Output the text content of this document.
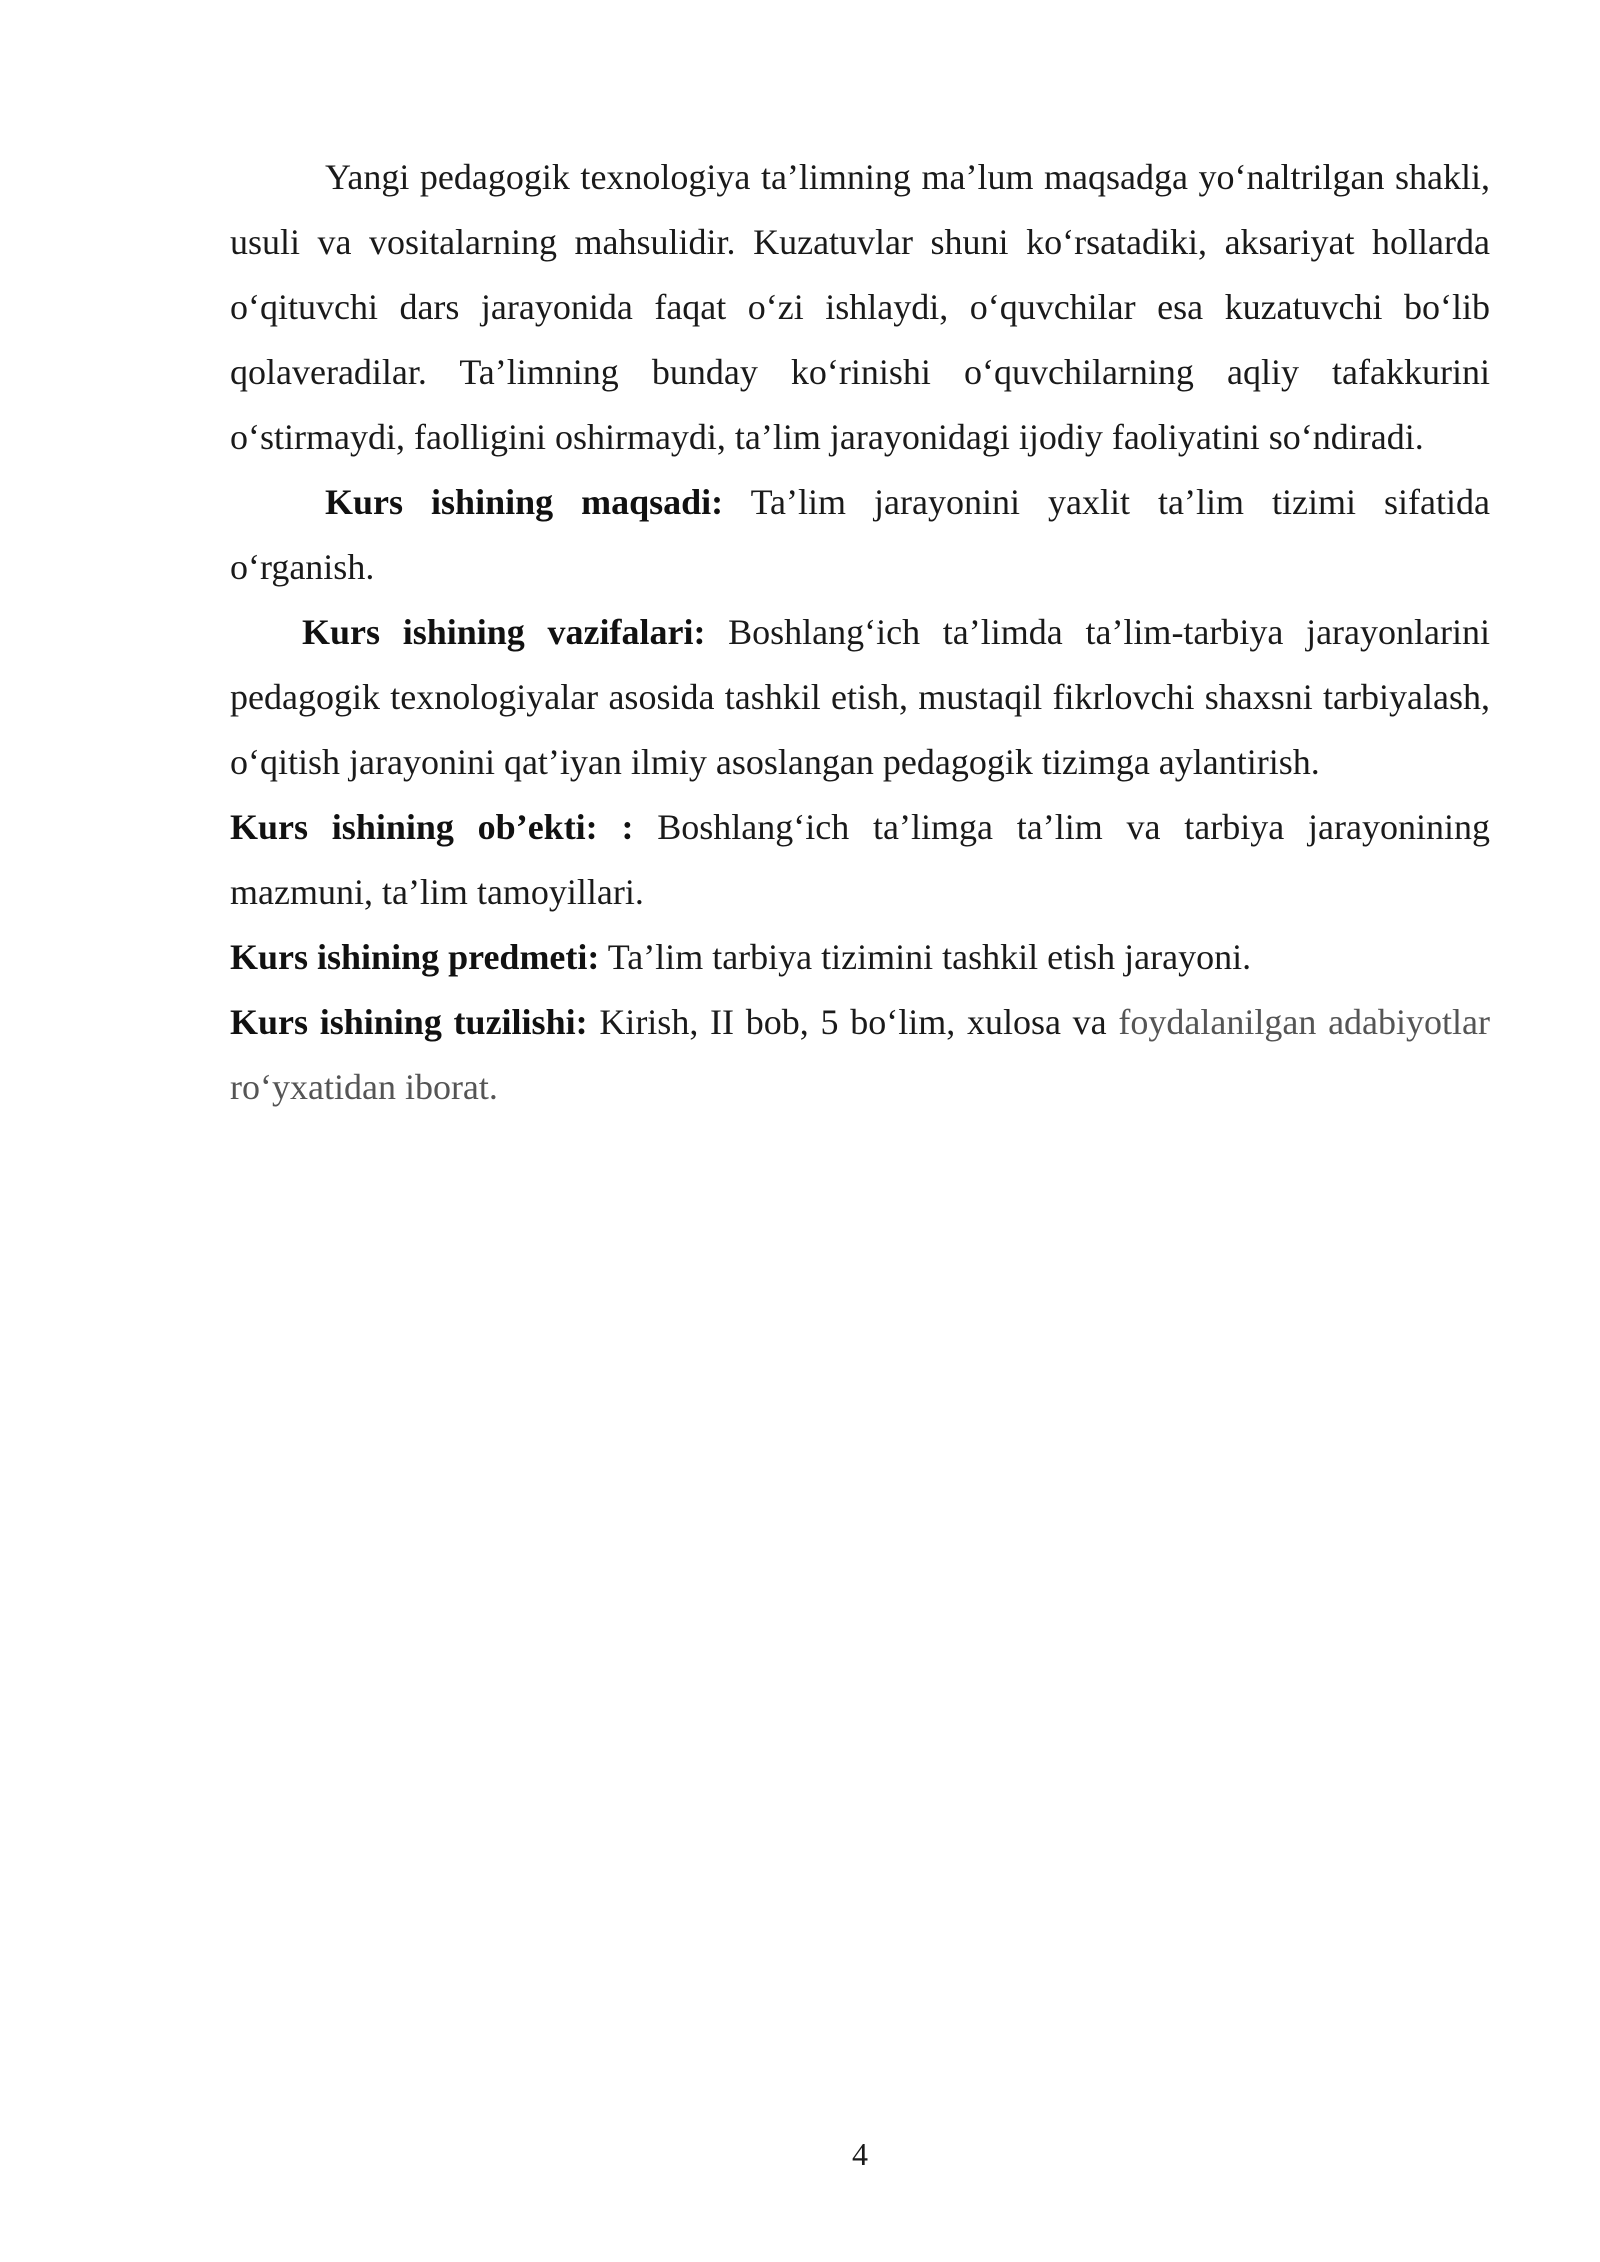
Yangi pedagogik texnologiya ta’limning ma’lum maqsadga yo‘naltrilgan shakli, usuli va vositalarning mahsulidir. Kuzatuvlar shuni ko‘rsatadiki, aksariyat hollarda o‘qituvchi dars jarayonida faqat o‘zi ishlaydi, o‘quvchilar esa kuzatuvchi bo‘lib qolaveradilar. Ta’limning bunday ko‘rinishi o‘quvchilarning aqliy tafakkurini o‘stirmaydi, faolligini oshirmaydi, ta’lim jarayonidagi ijodiy faoliyatini so‘ndiradi.

Kurs ishining maqsadi: Ta’lim jarayonini yaxlit ta’lim tizimi sifatida o‘rganish.

Kurs ishining vazifalari: Boshlang‘ich ta’limda ta’lim-tarbiya jarayonlarini pedagogik texnologiyalar asosida tashkil etish, mustaqil fikrlovchi shaxsni tarbiyalash, o‘qitish jarayonini qat’iyan ilmiy asoslangan pedagogik tizimga aylantirish.

Kurs ishining ob’ekti: : Boshlang‘ich ta’limga ta’lim va tarbiya jarayonining mazmuni, ta’lim tamoyillari.

Kurs ishining predmeti: Ta’lim tarbiya tizimini tashkil etish jarayoni.

Kurs ishining tuzilishi: Kirish, II bob, 5 bo‘lim, xulosa va foydalanilgan adabiyotlar ro‘yxatidan iborat.

4
